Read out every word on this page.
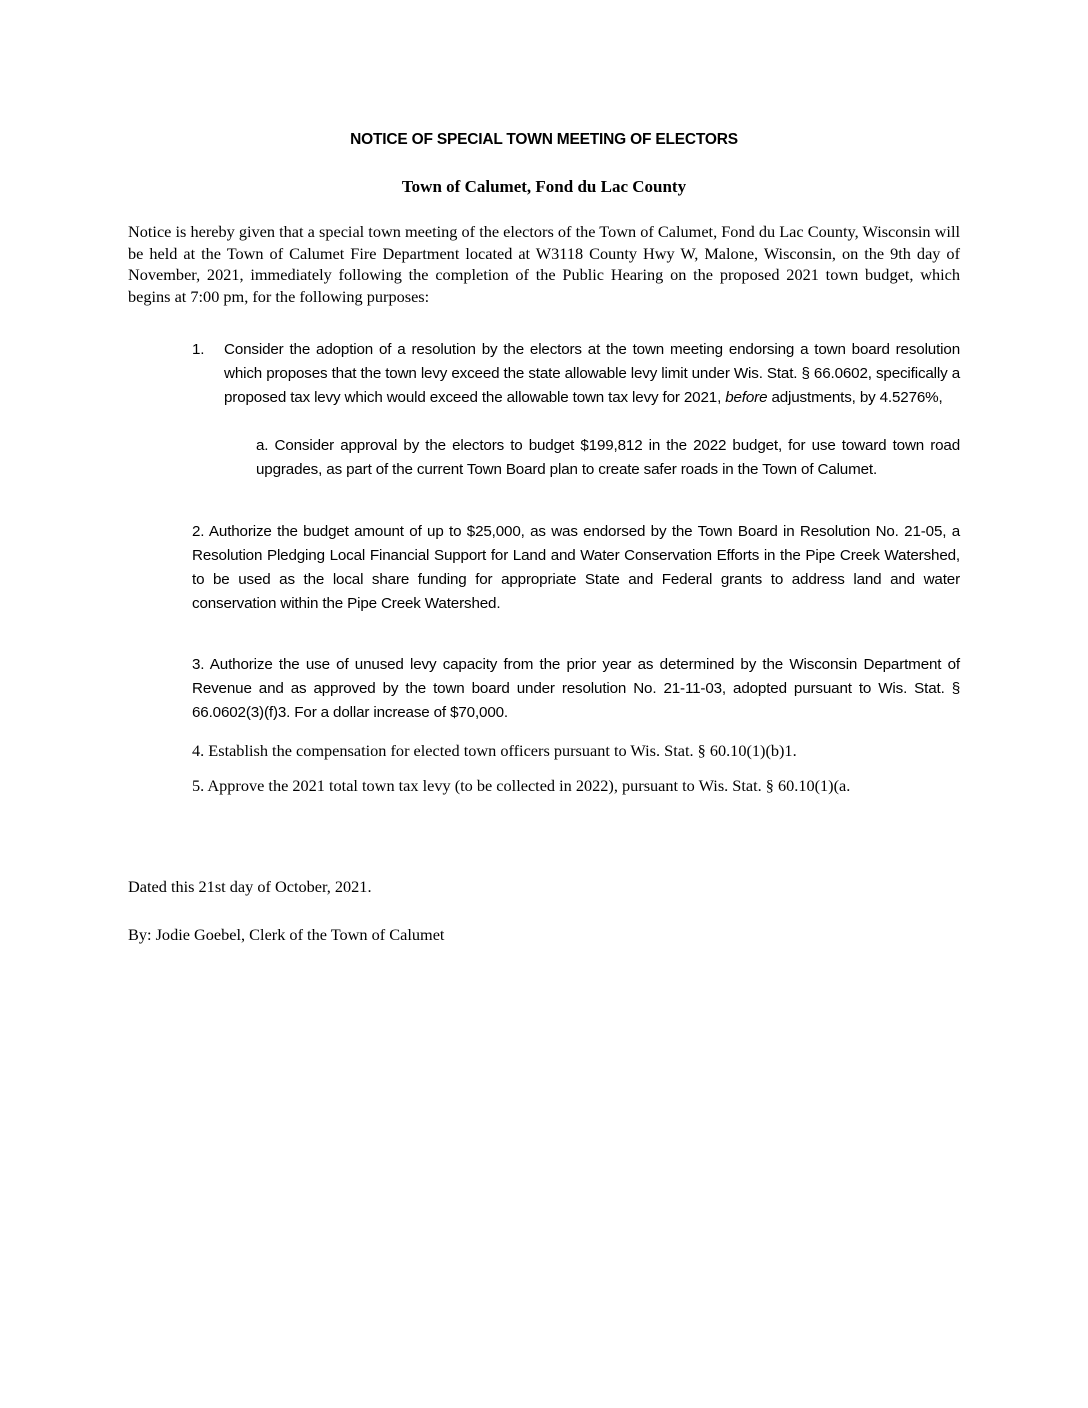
NOTICE OF SPECIAL TOWN MEETING OF ELECTORS
Town of Calumet, Fond du Lac County

Notice is hereby given that a special town meeting of the electors of the Town of Calumet, Fond du Lac County, Wisconsin will be held at the Town of Calumet Fire Department located at W3118 County Hwy W, Malone, Wisconsin, on the 9th day of November, 2021, immediately following the completion of the Public Hearing on the proposed 2021 town budget, which begins at 7:00 pm, for the following purposes:

1. Consider the adoption of a resolution by the electors at the town meeting endorsing a town board resolution which proposes that the town levy exceed the state allowable levy limit under Wis. Stat. § 66.0602, specifically a proposed tax levy which would exceed the allowable town tax levy for 2021, before adjustments, by 4.5276%,

a. Consider approval by the electors to budget $199,812 in the 2022 budget, for use toward town road upgrades, as part of the current Town Board plan to create safer roads in the Town of Calumet.

2. Authorize the budget amount of up to $25,000, as was endorsed by the Town Board in Resolution No. 21-05, a Resolution Pledging Local Financial Support for Land and Water Conservation Efforts in the Pipe Creek Watershed, to be used as the local share funding for appropriate State and Federal grants to address land and water conservation within the Pipe Creek Watershed.

3. Authorize the use of unused levy capacity from the prior year as determined by the Wisconsin Department of Revenue and as approved by the town board under resolution No. 21-11-03, adopted pursuant to Wis. Stat. § 66.0602(3)(f)3. For a dollar increase of $70,000.

4. Establish the compensation for elected town officers pursuant to Wis. Stat. § 60.10(1)(b)1.

5. Approve the 2021 total town tax levy (to be collected in 2022), pursuant to Wis. Stat. § 60.10(1)(a.

Dated this 21st day of October, 2021.

By: Jodie Goebel, Clerk of the Town of Calumet
